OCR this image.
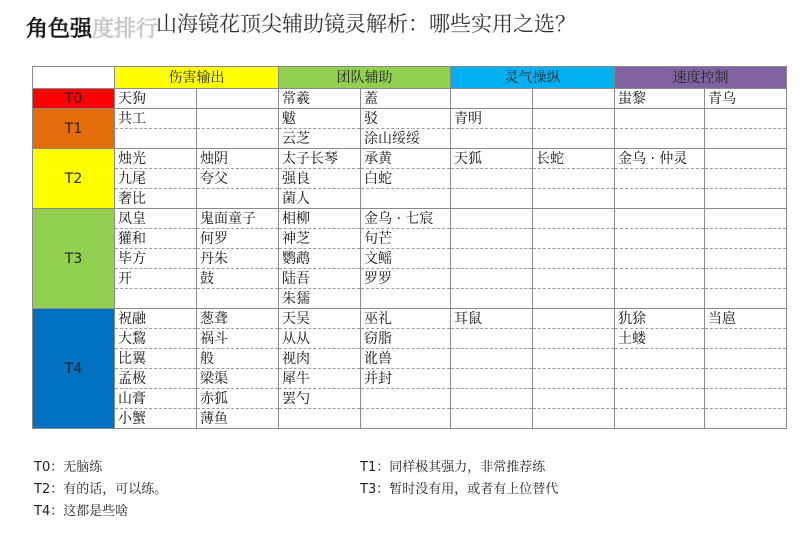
角色强度排行
山海镜花顶尖辅助镜灵解析：哪些实用之选？
	伤害输出		团队辅助		灵气操纵		速度控制	
T0	天狗		常羲	蓋			蚩黎	青乌
T1	共工		魃	驳	青明			
			云芝	涂山绥绥				
T2	烛光	烛阴	太子长琴	承黄	天狐	长蛇	金乌 · 仲灵	
	九尾	夸父	强良	白蛇				
	奢比		菌人					
T3	凤皇	鬼面童子	相柳	金乌 · 七宸				
	獾和	何罗	神芝	句芒				
	毕方	丹朱	鹦鹉	文鳐				
	开	鼓	陆吾	罗罗				
			朱獳					
T4	祝融	葱聋	天吴	巫礼	耳鼠		犰狳	当扈
	大鵹	祸斗	从从	窃脂			土蝼	
	比翼	般	视肉	讹兽				
	孟极	梁渠	犀牛	并封				
	山膏	赤狐	罢勺					
	小蟹	薄鱼						
T0：无脑练	T1：同样极其强力，非常推荐练
T2：有的话，可以练。	T3：暂时没有用，或者有上位替代
T4：这都是些啥
